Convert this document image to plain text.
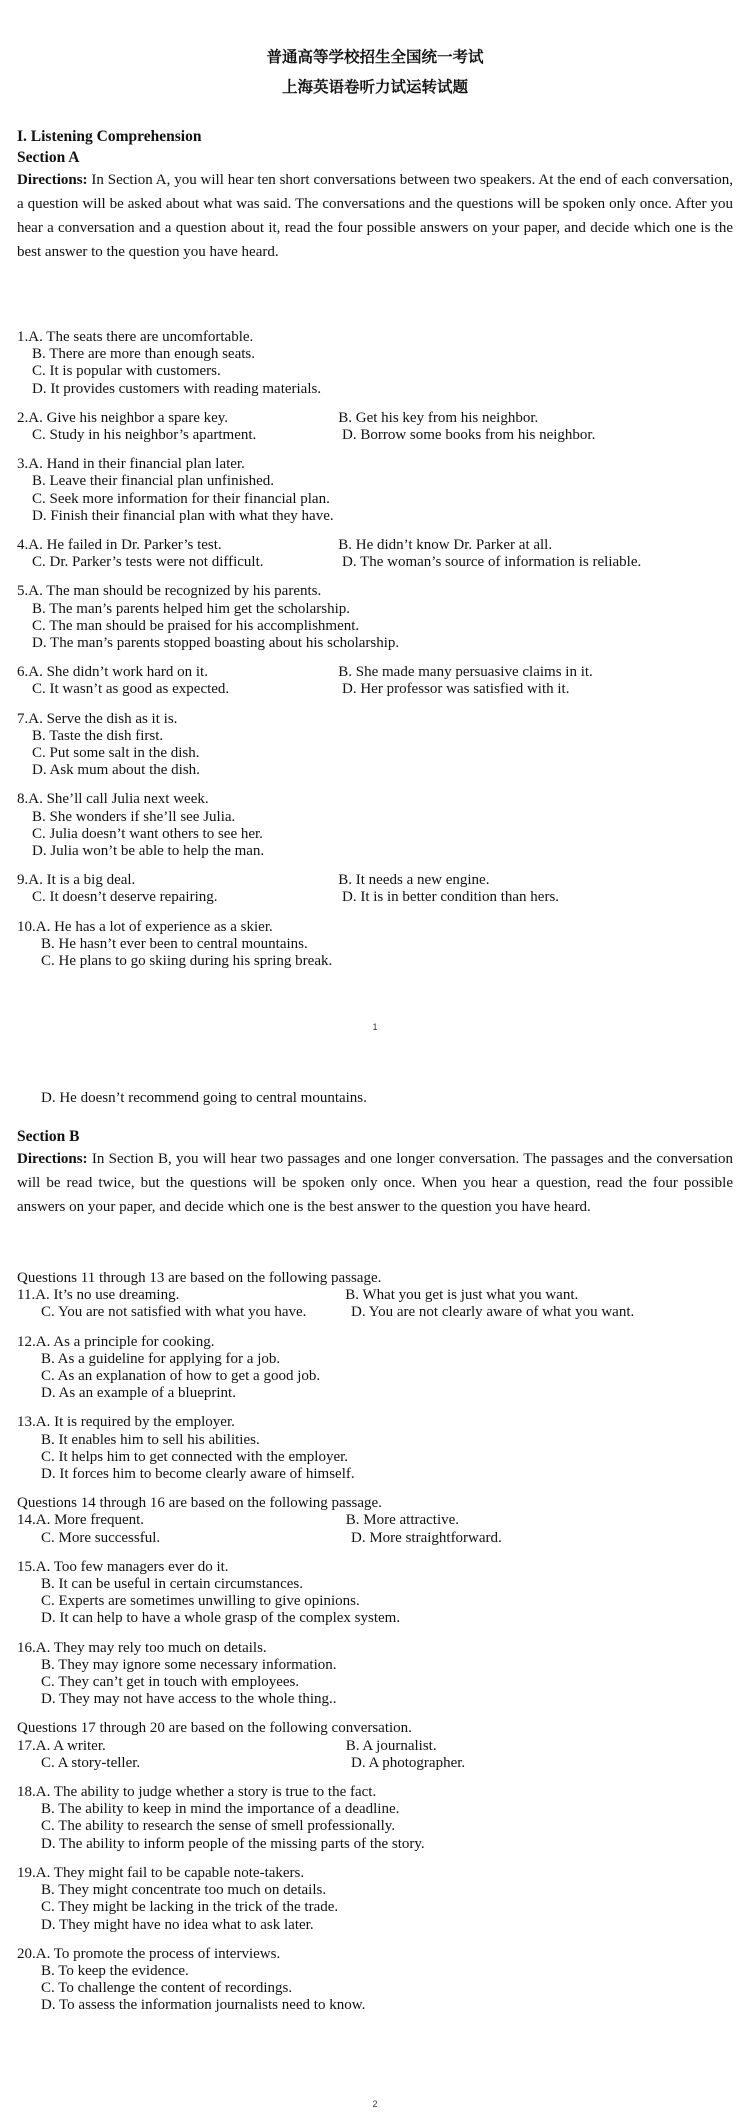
普通高等学校招生全国统一考试
上海英语卷听力试运转试题
I. Listening Comprehension
Section A

Directions: In Section A, you will hear ten short conversations between two speakers. At the end of each conversation, a question will be asked about what was said. The conversations and the questions will be spoken only once. After you hear a conversation and a question about it, read the four possible answers on your paper, and decide which one is the best answer to the question you have heard.

1. A. The seats there are uncomfortable.
B. There are more than enough seats.
C. It is popular with customers.
D. It provides customers with reading materials.
2. A. Give his neighbor a spare key.	B. Get his key from his neighbor.
C. Study in his neighbor’s apartment.	D. Borrow some books from his neighbor.
3. A. Hand in their financial plan later.
B. Leave their financial plan unfinished.
C. Seek more information for their financial plan.
D. Finish their financial plan with what they have.
4. A. He failed in Dr. Parker’s test.	B. He didn’t know Dr. Parker at all.
C. Dr. Parker’s tests were not difficult.	D. The woman’s source of information is reliable.
5. A. The man should be recognized by his parents.
B. The man’s parents helped him get the scholarship.
C. The man should be praised for his accomplishment.
D. The man’s parents stopped boasting about his scholarship.
6. A. She didn’t work hard on it.	B. She made many persuasive claims in it.
C. It wasn’t as good as expected.	D. Her professor was satisfied with it.
7. A. Serve the dish as it is.
B. Taste the dish first.
C. Put some salt in the dish.
D. Ask mum about the dish.
8. A. She’ll call Julia next week.
B. She wonders if she’ll see Julia.
C. Julia doesn’t want others to see her.
D. Julia won’t be able to help the man.
9. A. It is a big deal.	B. It needs a new engine.
C. It doesn’t deserve repairing.	D. It is in better condition than hers.
10. A. He has a lot of experience as a skier.
B. He hasn’t ever been to central mountains.
C. He plans to go skiing during his spring break.
1
D. He doesn’t recommend going to central mountains.
Section B

Directions: In Section B, you will hear two passages and one longer conversation. The passages and the conversation will be read twice, but the questions will be spoken only once. When you hear a question, read the four possible answers on your paper, and decide which one is the best answer to the question you have heard.

Questions 11 through 13 are based on the following passage.
11. A. It’s no use dreaming.	B. What you get is just what you want.
C. You are not satisfied with what you have.	D. You are not clearly aware of what you want.
12. A. As a principle for cooking.
B. As a guideline for applying for a job.
C. As an explanation of how to get a good job.
D. As an example of a blueprint.
13. A. It is required by the employer.
B. It enables him to sell his abilities.
C. It helps him to get connected with the employer.
D. It forces him to become clearly aware of himself.
Questions 14 through 16 are based on the following passage.
14. A. More frequent.	B. More attractive.
C. More successful.	D. More straightforward.
15. A. Too few managers ever do it.
B. It can be useful in certain circumstances.
C. Experts are sometimes unwilling to give opinions.
D. It can help to have a whole grasp of the complex system.
16. A. They may rely too much on details.
B. They may ignore some necessary information.
C. They can’t get in touch with employees.
D. They may not have access to the whole thing..
Questions 17 through 20 are based on the following conversation.
17. A. A writer.	B. A journalist.
C. A story-teller.	D. A photographer.
18. A. The ability to judge whether a story is true to the fact.
B. The ability to keep in mind the importance of a deadline.
C. The ability to research the sense of smell professionally.
D. The ability to inform people of the missing parts of the story.
19. A. They might fail to be capable note-takers.
B. They might concentrate too much on details.
C. They might be lacking in the trick of the trade.
D. They might have no idea what to ask later.
20. A. To promote the process of interviews.
B. To keep the evidence.
C. To challenge the content of recordings.
D. To assess the information journalists need to know.
2
